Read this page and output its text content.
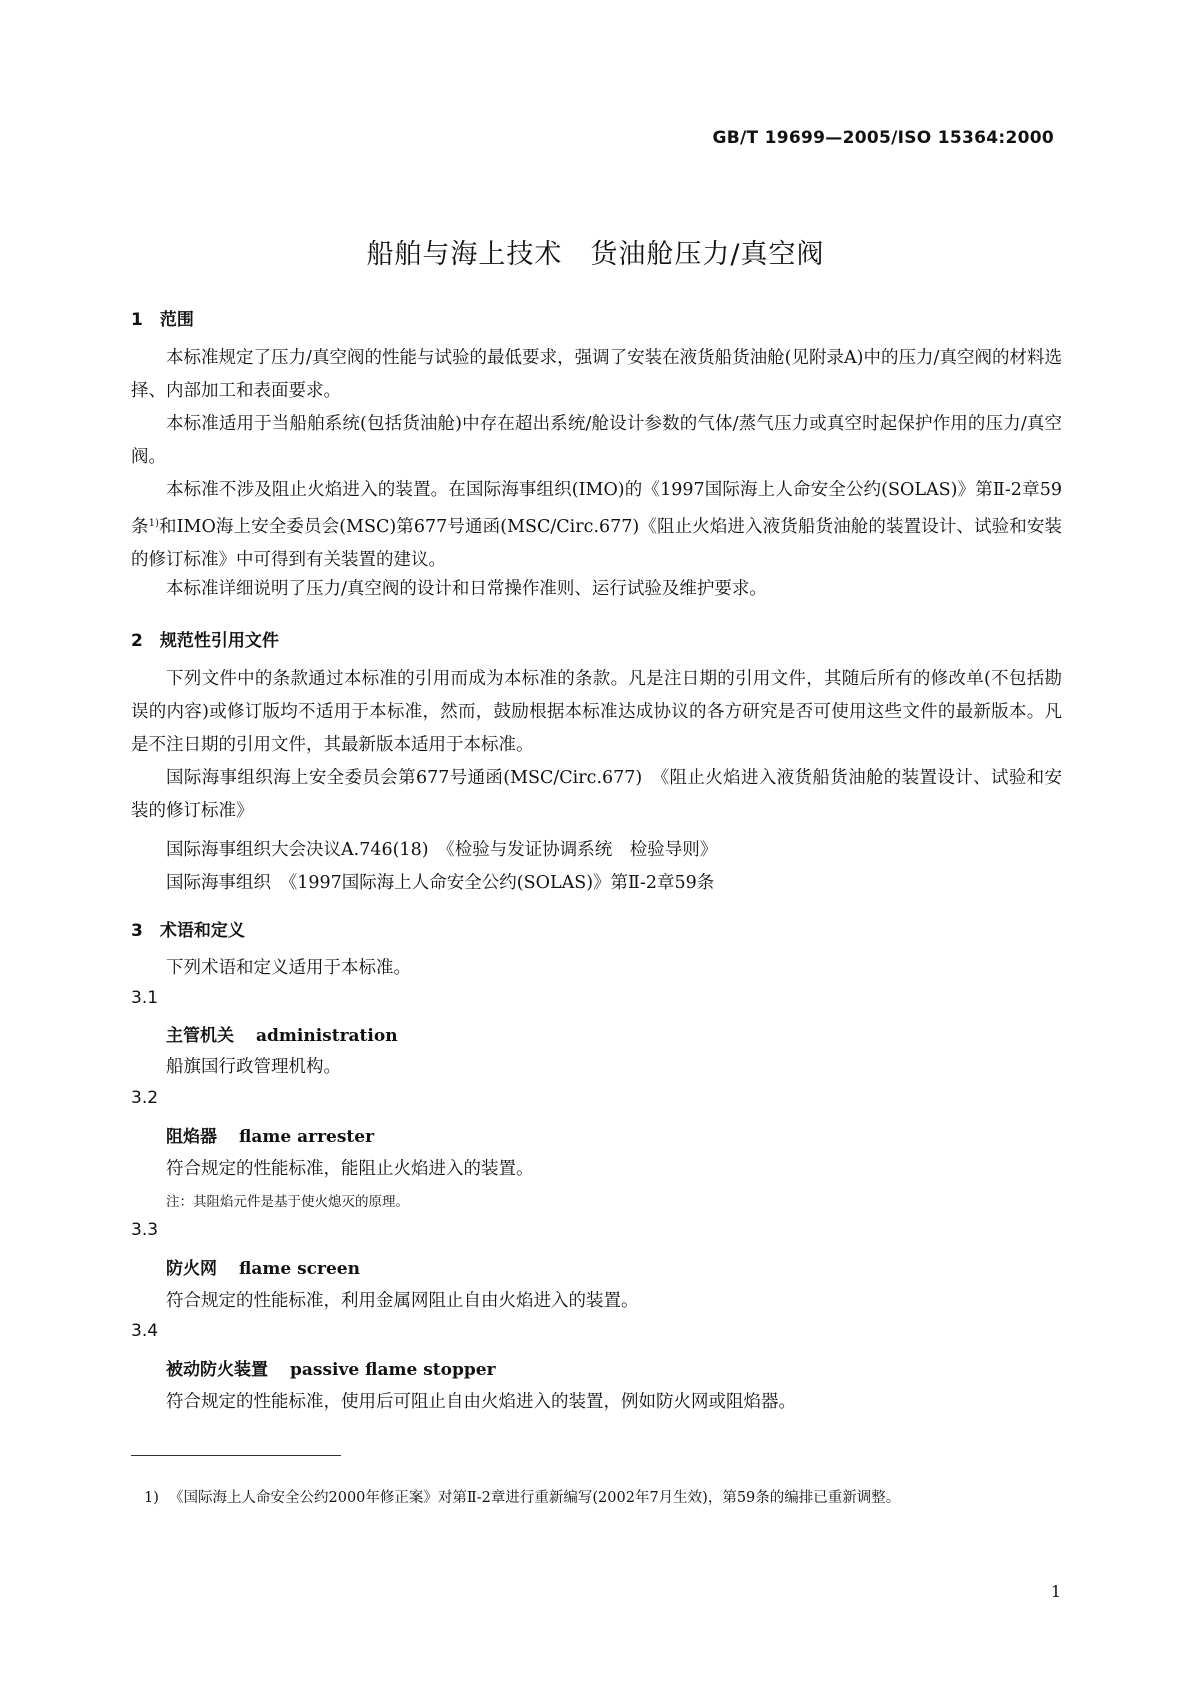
GB/T 19699—2005/ISO 15364:2000
船舶与海上技术　货油舱压力/真空阀
1　范围
本标准规定了压力/真空阀的性能与试验的最低要求，强调了安装在液货船货油舱(见附录A)中的压力/真空阀的材料选择、内部加工和表面要求。
本标准适用于当船舶系统(包括货油舱)中存在超出系统/舱设计参数的气体/蒸气压力或真空时起保护作用的压力/真空阀。
本标准不涉及阻止火焰进入的装置。在国际海事组织(IMO)的《1997国际海上人命安全公约(SOLAS)》第Ⅱ-2章59条$^{1)}$和IMO海上安全委员会(MSC)第677号通函(MSC/Circ.677)《阻止火焰进入液货船货油舱的装置设计、试验和安装的修订标准》中可得到有关装置的建议。
本标准详细说明了压力/真空阀的设计和日常操作准则、运行试验及维护要求。
2　规范性引用文件
下列文件中的条款通过本标准的引用而成为本标准的条款。凡是注日期的引用文件，其随后所有的修改单(不包括勘误的内容)或修订版均不适用于本标准，然而，鼓励根据本标准达成协议的各方研究是否可使用这些文件的最新版本。凡是不注日期的引用文件，其最新版本适用于本标准。
国际海事组织海上安全委员会第677号通函(MSC/Circ.677)　《阻止火焰进入液货船货油舱的装置设计、试验和安装的修订标准》
国际海事组织大会决议A.746(18)　《检验与发证协调系统　检验导则》
国际海事组织　《1997国际海上人命安全公约(SOLAS)》第Ⅱ-2章59条
3　术语和定义
下列术语和定义适用于本标准。
3.1
主管机关 administration
船旗国行政管理机构。
3.2
阻焰器 flame arrester
符合规定的性能标准，能阻止火焰进入的装置。
注：其阻焰元件是基于使火熄灭的原理。
3.3
防火网 flame screen
符合规定的性能标准，利用金属网阻止自由火焰进入的装置。
3.4
被动防火装置 passive flame stopper
符合规定的性能标准，使用后可阻止自由火焰进入的装置，例如防火网或阻焰器。
1) 《国际海上人命安全公约2000年修正案》对第Ⅱ-2章进行重新编写(2002年7月生效)，第59条的编排已重新调整。
1
